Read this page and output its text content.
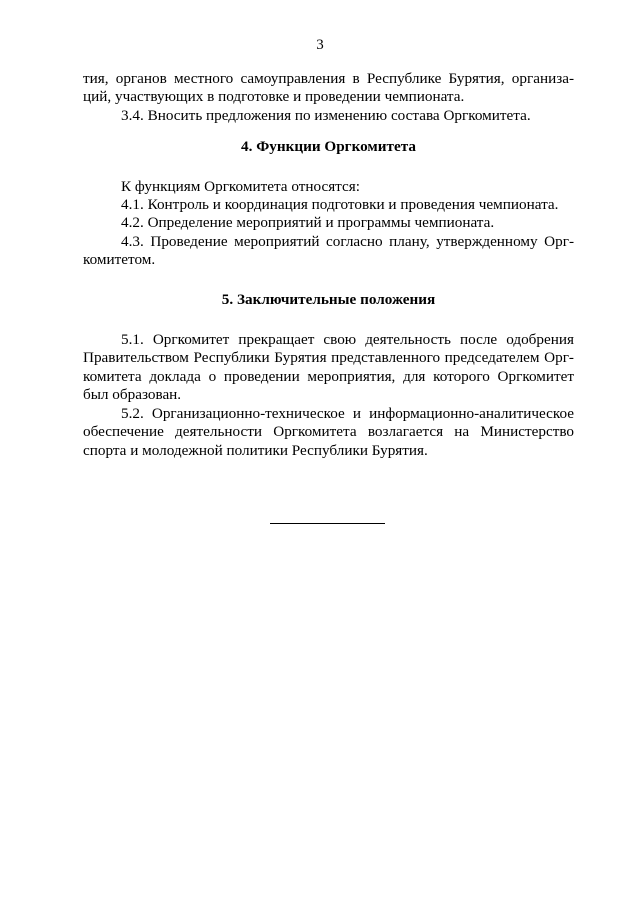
3
тия, органов местного самоуправления в Республике Бурятия, организа-
ций, участвующих в подготовке и проведении чемпионата.
3.4. Вносить предложения по изменению состава Оргкомитета.
4. Функции Оргкомитета
К функциям Оргкомитета относятся:
4.1. Контроль и координация подготовки и проведения чемпионата.
4.2. Определение мероприятий и программы чемпионата.
4.3. Проведение мероприятий согласно плану, утвержденному Орг-
комитетом.
5. Заключительные положения
5.1. Оргкомитет прекращает свою деятельность после одобрения
Правительством Республики Бурятия представленного председателем Орг-
комитета доклада о проведении мероприятия, для которого Оргкомитет
был образован.
5.2. Организационно-техническое и информационно-аналитическое
обеспечение деятельности Оргкомитета возлагается на Министерство
спорта и молодежной политики Республики Бурятия.
